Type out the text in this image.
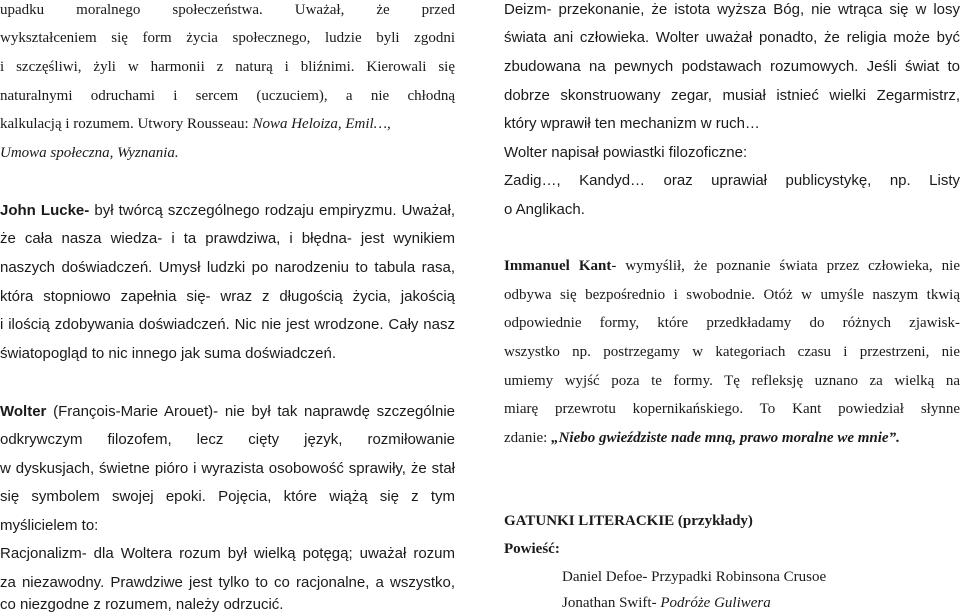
upadku moralnego społeczeństwa. Uważał, że przed
wykształceniem się form życia społecznego, ludzie byli zgodni
i szczęśliwi, żyli w harmonii z naturą i bliźnimi. Kierowali się
naturalnymi odruchami i sercem (uczuciem), a nie chłodną
kalkulacją i rozumem. Utwory Rousseau: Nowa Heloiza, Emil…,
Umowa społeczna, Wyznania.
John Lucke- był twórcą szczególnego rodzaju empiryzmu. Uważał,
że cała nasza wiedza- i ta prawdziwa, i błędna- jest wynikiem
naszych doświadczeń. Umysł ludzki po narodzeniu to tabula rasa,
która stopniowo zapełnia się- wraz z długością życia, jakością
i ilością zdobywania doświadczeń. Nic nie jest wrodzone. Cały nasz
światopogląd to nic innego jak suma doświadczeń.
Wolter (François-Marie Arouet)- nie był tak naprawdę szczególnie
odkrywczym filozofem, lecz cięty język, rozmiłowanie
w dyskusjach, świetne pióro i wyrazista osobowość sprawiły, że stał
się symbolem swojej epoki. Pojęcia, które wiążą się z tym
myślicielem to:
Racjonalizm- dla Woltera rozum był wielką potęgą; uważał rozum
za niezawodny. Prawdziwe jest tylko to co racjonalne, a wszystko,
co niezgodne z rozumem, należy odrzucić.
Deizm- przekonanie, że istota wyższa Bóg, nie wtrąca się w losy
świata ani człowieka. Wolter uważał ponadto, że religia może być
zbudowana na pewnych podstawach rozumowych. Jeśli świat to
dobrze skonstruowany zegar, musiał istnieć wielki Zegarmistrz,
który wprawił ten mechanizm w ruch…
Wolter napisał powiastki filozoficzne:
Zadig…, Kandyd… oraz uprawiał publicystykę, np. Listy
o Anglikach.
Immanuel Kant- wymyślił, że poznanie świata przez człowieka, nie
odbywa się bezpośrednio i swobodnie. Otóż w umyśle naszym tkwią
odpowiednie formy, które przedkładamy do różnych zjawisk-
wszystko np. postrzegamy w kategoriach czasu i przestrzeni, nie
umiemy wyjść poza te formy. Tę refleksję uznano za wielką na
miarę przewrotu kopernikańskiego. To Kant powiedział słynne
zdanie: „Niebo gwieździste nade mną, prawo moralne we mnie”.
GATUNKI LITERACKIE (przykłady)
Powieść:
Daniel Defoe- Przypadki Robinsona Crusoe
Jonathan Swift- Podróże Guliwera
